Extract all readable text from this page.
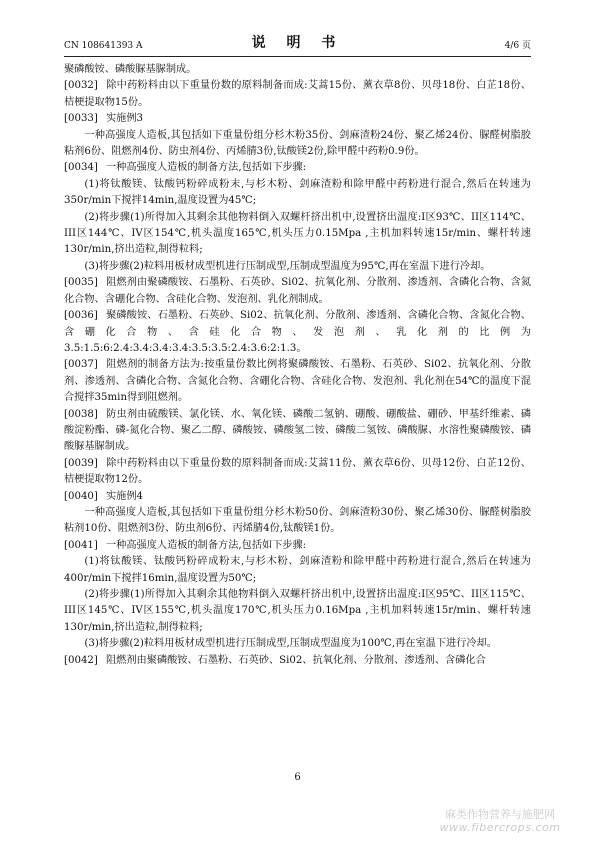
CN 108641393 A	说 明 书	4/6 页
聚磷酸铵、磷酸脲基脲制成。
[0032] 除中药粉料由以下重量份数的原料制备而成:艾蒿15份、薰衣草8份、贝母18份、白芷18份、桔梗提取物15份。
[0033] 实施例3
一种高强度人造板,其包括如下重量份组分杉木粉35份、剑麻渣粉24份、聚乙烯24份、脲醛树脂胶粘剂6份、阻燃剂4份、防虫剂4份、丙烯腈3份,钛酸镁2份,除甲醛中药粉0.9份。
[0034] 一种高强度人造板的制备方法,包括如下步骤:
(1)将钛酸镁、钛酸钙粉碎成粉末,与杉木粉、剑麻渣粉和除甲醛中药粉进行混合,然后在转速为350r/min下搅拌14min,温度设置为45℃;
(2)将步骤(1)所得加入其剩余其他物料倒入双螺杆挤出机中,设置挤出温度:I区93℃、II区114℃、III区144℃、IV区154℃,机头温度165℃,机头压力0.15Mpa ,主机加料转速15r/min、螺杆转速130r/min,挤出造粒,制得粒料;
(3)将步骤(2)粒料用板材成型机进行压制成型,压制成型温度为95℃,再在室温下进行冷却。
[0035] 阻燃剂由聚磷酸铵、石墨粉、石英砂、Si02、抗氧化剂、分散剂、渗透剂、含磷化合物、含氮化合物、含硼化合物、含硅化合物、发泡剂、乳化剂制成。
[0036] 聚磷酸铵、石墨粉、石英砂、Si02、抗氧化剂、分散剂、渗透剂、含磷化合物、含氮化合物、含硼化合物、含硅化合物、发泡剂、乳化剂的比例为3.5:1.5:6:2.4:3.4:3.4:3.4:3.5:3.5:2.4:3.6:2:1.3。
[0037] 阻燃剂的制备方法为:按重量份数比例将聚磷酸铵、石墨粉、石英砂、Si02、抗氧化剂、分散剂、渗透剂、含磷化合物、含氮化合物、含硼化合物、含硅化合物、发泡剂、乳化剂在54℃的温度下混合搅拌35min得到阻燃剂。
[0038] 防虫剂由硫酸镁、氯化镁、水、氧化镁、磷酸二氢钠、硼酸、硼酸盐、硼砂、甲基纤维素、磷酸淀粉酯、磷-氮化合物、聚乙二醇、磷酸铵、磷酸氢二铵、磷酸二氢铵、磷酸脲、水溶性聚磷酸铵、磷酸脲基脲制成。
[0039] 除中药粉料由以下重量份数的原料制备而成:艾蒿11份、薰衣草6份、贝母12份、白芷12份、桔梗提取物12份。
[0040] 实施例4
一种高强度人造板,其包括如下重量份组分杉木粉50份、剑麻渣粉30份、聚乙烯30份、脲醛树脂胶粘剂10份、阻燃剂3份、防虫剂6份、丙烯腈4份,钛酸镁1份。
[0041] 一种高强度人造板的制备方法,包括如下步骤:
(1)将钛酸镁、钛酸钙粉碎成粉末,与杉木粉、剑麻渣粉和除甲醛中药粉进行混合,然后在转速为400r/min下搅拌16min,温度设置为50℃;
(2)将步骤(1)所得加入其剩余其他物料倒入双螺杆挤出机中,设置挤出温度:I区95℃、II区115℃、III区145℃、IV区155℃,机头温度170℃,机头压力0.16Mpa ,主机加料转速15r/min、螺杆转速130r/min,挤出造粒,制得粒料;
(3)将步骤(2)粒料用板材成型机进行压制成型,压制成型温度为100℃,再在室温下进行冷却。
[0042] 阻燃剂由聚磷酸铵、石墨粉、石英砂、Si02、抗氧化剂、分散剂、渗透剂、含磷化合
6
麻类作物营养与施肥网
www.fibercrops.com
